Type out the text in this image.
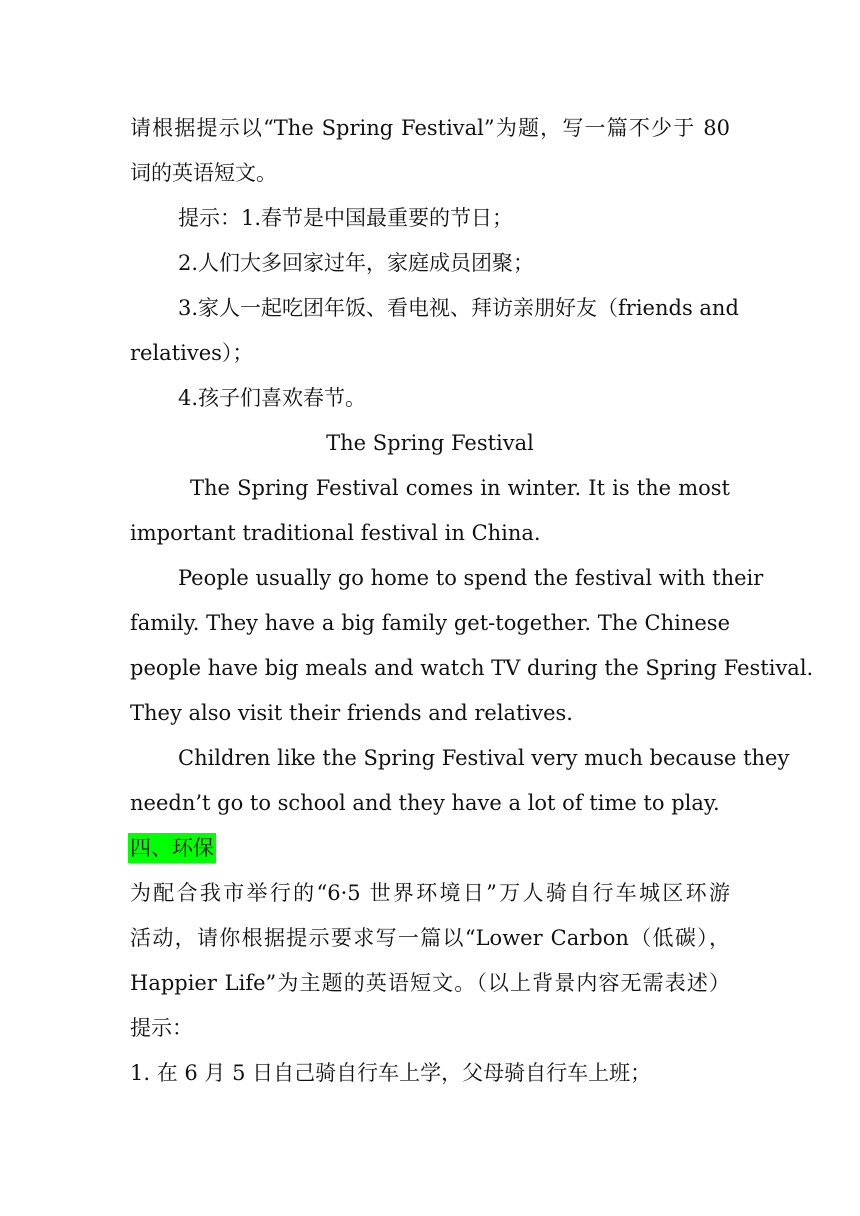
请根据提示以“The Spring Festival”为题，写一篇不少于 80
词的英语短文。
提示：1.春节是中国最重要的节日；
2.人们大多回家过年，家庭成员团聚；
3.家人一起吃团年饭、看电视、拜访亲朋好友（friends and
relatives）；
4.孩子们喜欢春节。
The Spring Festival
The Spring Festival comes in winter. It is the most
important traditional festival in China.
People usually go home to spend the festival with their
family. They have a big family get-together. The Chinese
people have big meals and watch TV during the Spring Festival.
They also visit their friends and relatives.
Children like the Spring Festival very much because they
needn’t go to school and they have a lot of time to play.
四、环保
为配合我市举行的“6·5 世界环境日”万人骑自行车城区环游
活动，请你根据提示要求写一篇以“Lower Carbon（低碳），
Happier Life”为主题的英语短文。（以上背景内容无需表述）
提示：
1. 在 6 月 5 日自己骑自行车上学，父母骑自行车上班；
